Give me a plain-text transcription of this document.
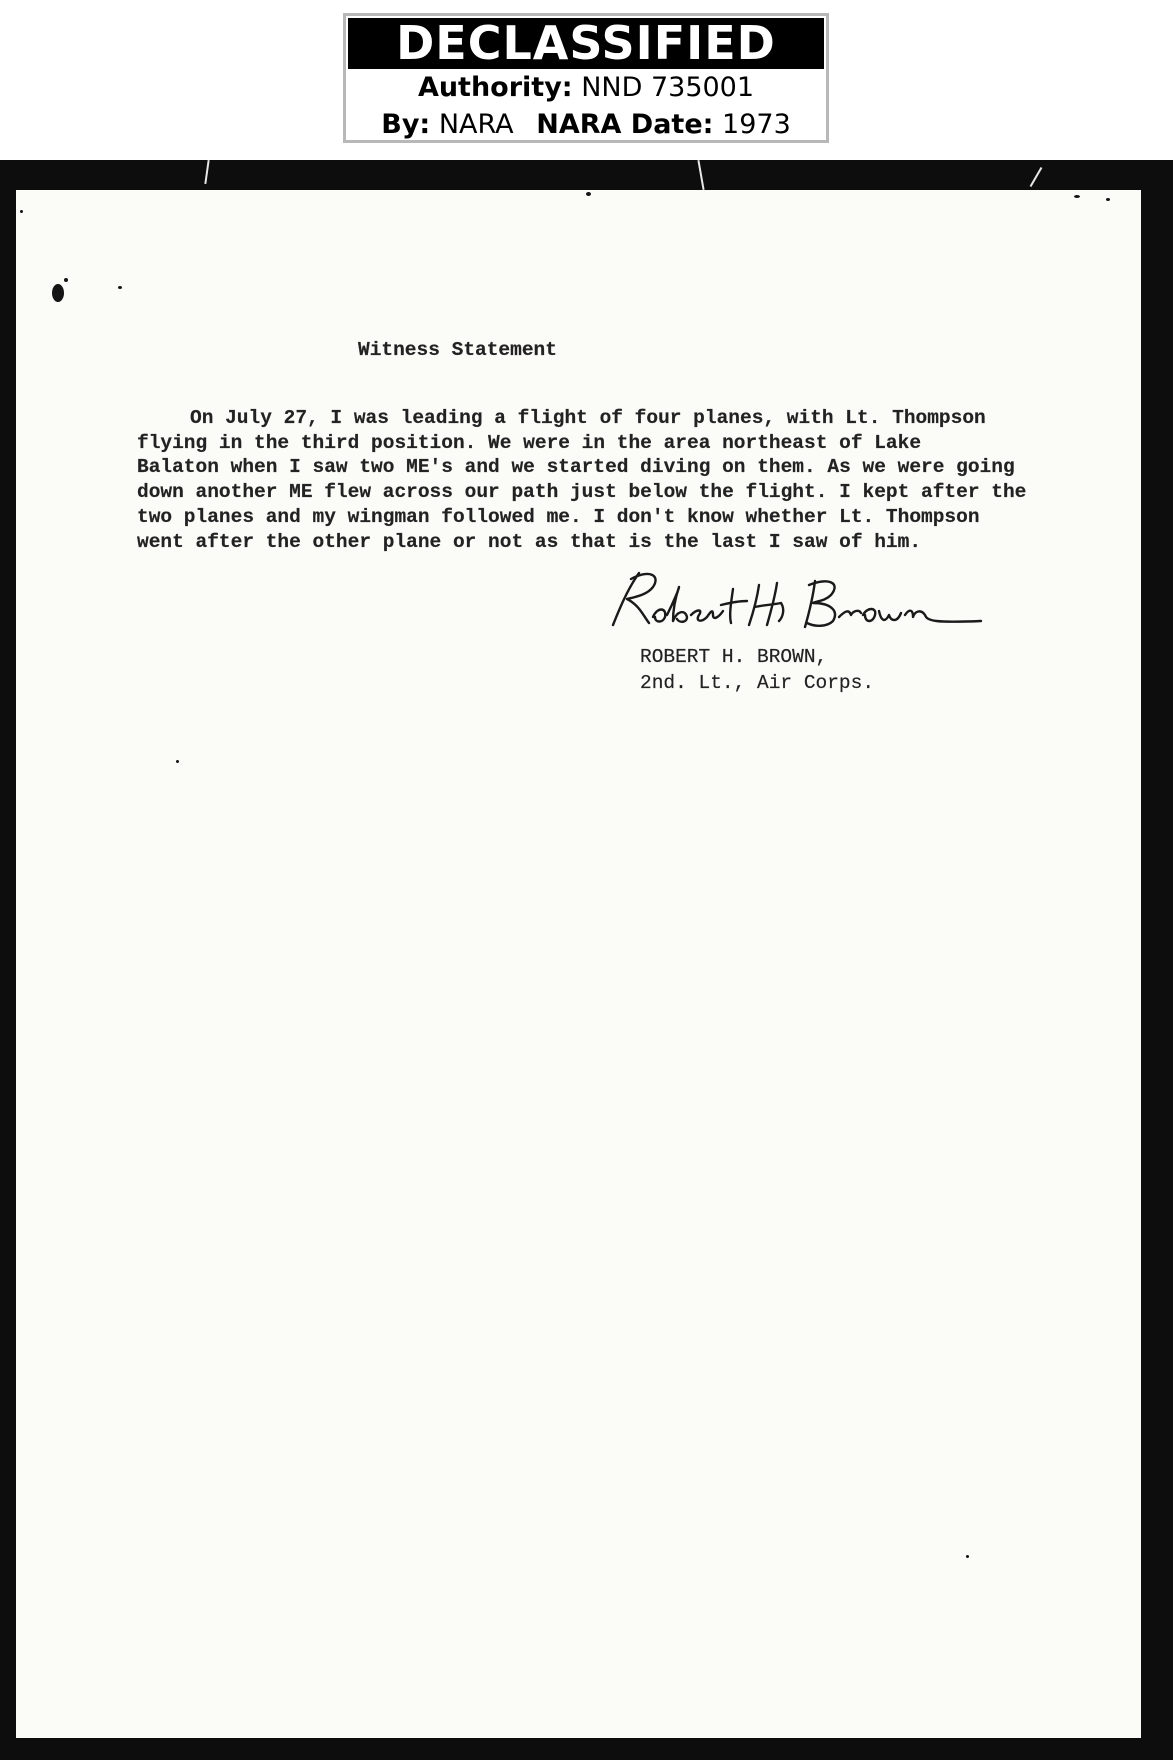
DECLASSIFIED
Authority: NND 735001
By: NARA NARA Date: 1973
Witness Statement
On July 27, I was leading a flight of four planes, with Lt. Thompson
flying in the third position. We were in the area northeast of Lake
Balaton when I saw two ME's and we started diving on them. As we were going
down another ME flew across our path just below the flight. I kept after the
two planes and my wingman followed me. I don't know whether Lt. Thompson
went after the other plane or not as that is the last I saw of him.
ROBERT H. BROWN,
2nd. Lt., Air Corps.
